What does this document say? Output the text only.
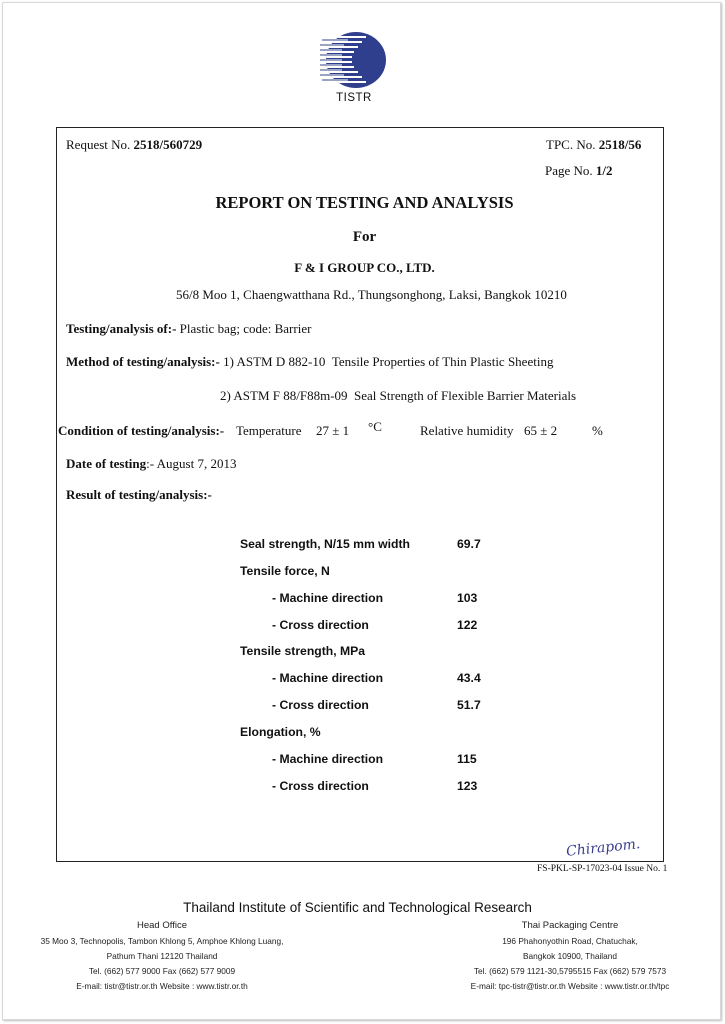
TISTR
Request No. 2518/560729	TPC. No. 2518/56
Page No. 1/2
REPORT ON TESTING AND ANALYSIS
For
F & I GROUP CO., LTD.
56/8 Moo 1, Chaengwatthana Rd., Thungsonghong, Laksi, Bangkok 10210
Testing/analysis of:- Plastic bag; code: Barrier
Method of testing/analysis:- 1) ASTM D 882-10 Tensile Properties of Thin Plastic Sheeting
2) ASTM F 88/F88m-09 Seal Strength of Flexible Barrier Materials
Condition of testing/analysis:- Temperature 27 ± 1 °C	Relative humidity 65 ± 2	%
Date of testing:- August 7, 2013
Result of testing/analysis:-
Seal strength, N/15 mm width	69.7
Tensile force, N
- Machine direction	103
- Cross direction	122
Tensile strength, MPa
- Machine direction	43.4
- Cross direction	51.7
Elongation, %
- Machine direction	115
- Cross direction	123
Chirapom.
FS-PKL-SP-17023-04 Issue No. 1
Thailand Institute of Scientific and Technological Research
Head Office
35 Moo 3, Technopolis, Tambon Khlong 5, Amphoe Khlong Luang,
Pathum Thani 12120 Thailand
Tel. (662) 577 9000 Fax (662) 577 9009
E-mail: tistr@tistr.or.th Website : www.tistr.or.th
Thai Packaging Centre
196 Phahonyothin Road, Chatuchak,
Bangkok 10900, Thailand
Tel. (662) 579 1121-30,5795515 Fax (662) 579 7573
E-mail: tpc-tistr@tistr.or.th Website : www.tistr.or.th/tpc
